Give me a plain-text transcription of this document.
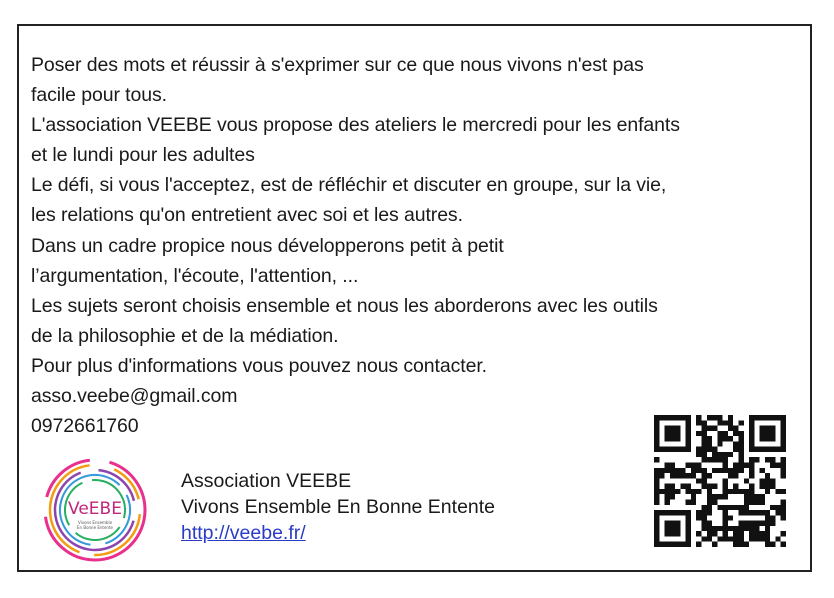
Poser des mots et réussir à s'exprimer sur ce que nous vivons n'est pas

facile pour tous.

L'association VEEBE vous propose des ateliers le mercredi pour les enfants

et le lundi pour les adultes

Le défi, si vous l'acceptez, est de réfléchir et discuter en groupe, sur la vie,

les relations qu'on entretient avec soi et les autres.

Dans un cadre propice nous développerons petit à petit

l’argumentation, l'écoute, l'attention, ...

Les sujets seront choisis ensemble et nous les aborderons avec les outils

de la philosophie et de la médiation.

Pour plus d'informations vous pouvez nous contacter.

asso.veebe@gmail.com

0972661760

VeEBE
Vivons Ensemble
En Bonne Entente
Association VEEBE
Vivons Ensemble En Bonne Entente
http://veebe.fr/
